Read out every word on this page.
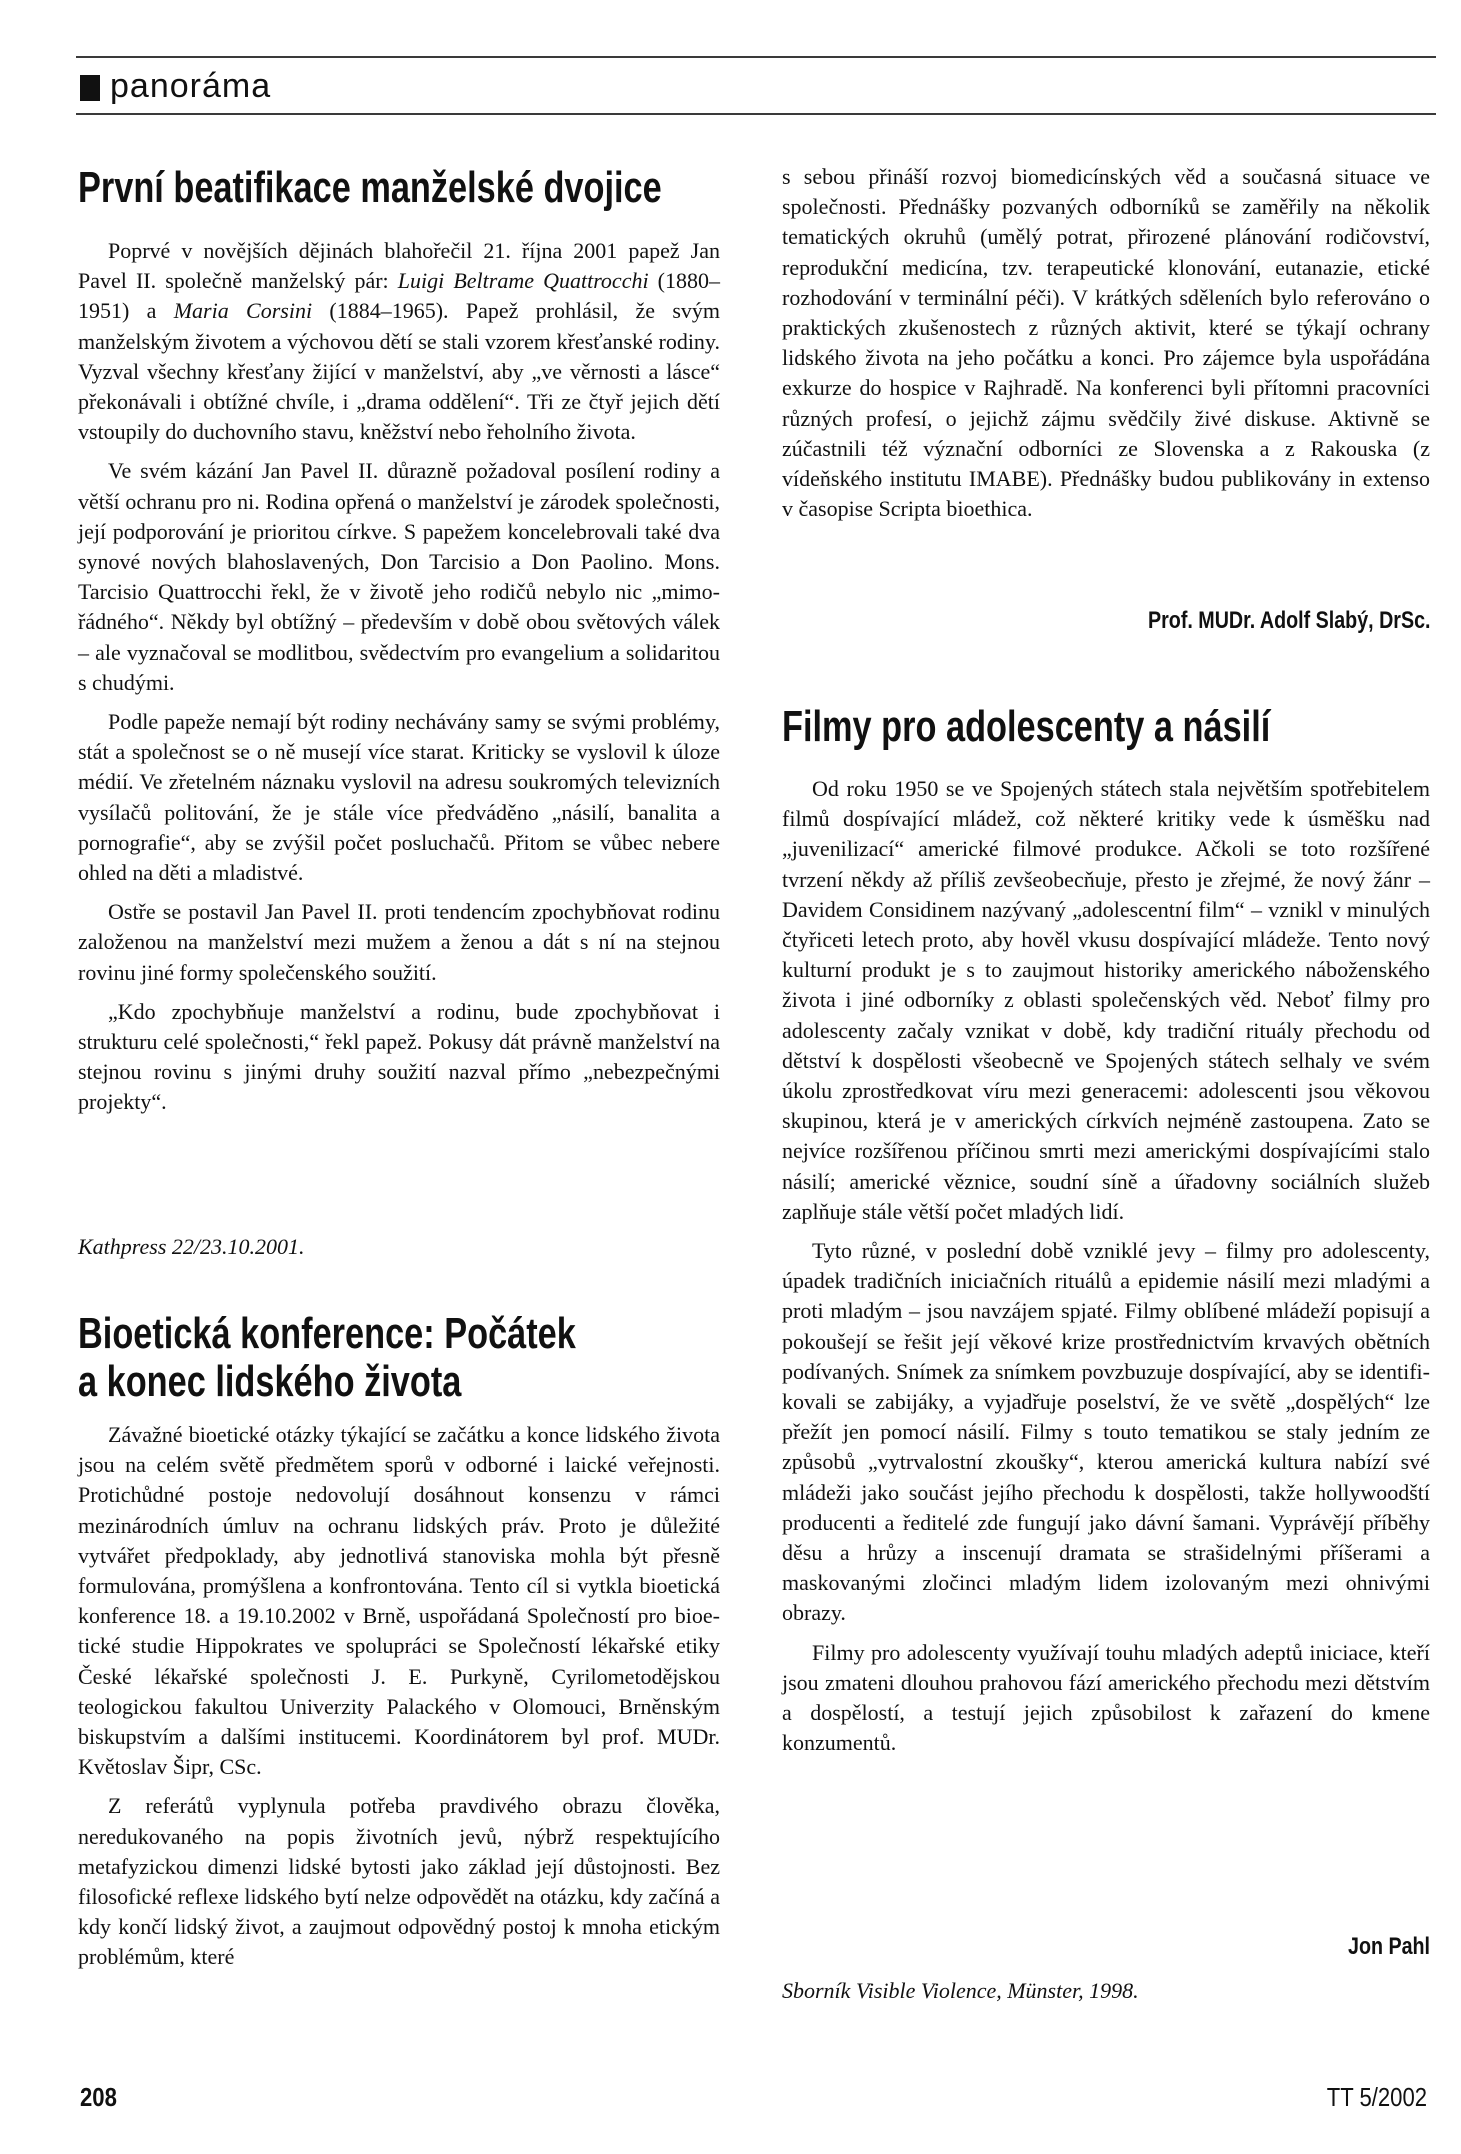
panoráma
První beatifikace manželské dvojice

Poprvé v novějších dějinách blahořečil 21. října 2001 papež Jan Pavel II. společně manželský pár: Luigi Beltrame Quattrocchi (1880–1951) a Maria Corsini (1884–1965). Papež prohlásil, že svým manželským životem a výchovou dětí se stali vzorem křesťanské rodiny. Vyzval všechny křesťany žijící v manželství, aby „ve věrnosti a lásce“ překonávali i obtížné chvíle, i „drama oddělení“. Tři ze čtyř jejich dětí vstoupily do duchovního stavu, kněžství nebo řeholního života.

Ve svém kázání Jan Pavel II. důrazně požadoval posílení rodiny a větší ochranu pro ni. Rodina opřená o manželství je zárodek společnosti, její podporování je prioritou církve. S papežem koncelebrovali také dva synové nových blahoslavených, Don Tarcisio a Don Paolino. Mons. Tarcisio Quattrocchi řekl, že v životě jeho rodičů nebylo nic „mimořádného“. Někdy byl obtížný – především v době obou světových válek – ale vyznačoval se modlitbou, svědectvím pro evangelium a solidaritou s chudými.

Podle papeže nemají být rodiny nechávány samy se svými problémy, stát a společnost se o ně musejí více starat. Kriticky se vyslovil k úloze médií. Ve zřetelném náznaku vyslovil na adresu soukromých televizních vysílačů politování, že je stále více předváděno „násilí, banalita a pornografie“, aby se zvýšil počet posluchačů. Přitom se vůbec nebere ohled na děti a mladistvé.

Ostře se postavil Jan Pavel II. proti tendencím zpochybňovat rodinu založenou na manželství mezi mužem a ženou a dát s ní na stejnou rovinu jiné formy společenského soužití.

„Kdo zpochybňuje manželství a rodinu, bude zpochybňovat i strukturu celé společnosti,“ řekl papež. Pokusy dát právně manželství na stejnou rovinu s jinými druhy soužití nazval přímo „nebezpečnými projekty“.

Kathpress 22/23.10.2001.
Bioetická konference: Počátek
a konec lidského života

Závažné bioetické otázky týkající se začátku a konce lidského života jsou na celém světě předmětem sporů v odborné i laické veřejnosti. Protichůdné postoje nedovolují dosáhnout konsenzu v rámci mezinárodních úmluv na ochranu lidských práv. Proto je důležité vytvářet předpoklady, aby jednotlivá stanoviska mohla být přesně formulována, promýšlena a konfrontována. Tento cíl si vytkla bioetická konference 18. a 19.10.2002 v Brně, uspořádaná Společností pro bioetické studie Hippokrates ve spolupráci se Společností lékařské etiky České lékařské společnosti J. E. Purkyně, Cyrilometodějskou teologickou fakultou Univerzity Palackého v Olomouci, Brněnským biskupstvím a dalšími institucemi. Koordinátorem byl prof. MUDr. Květoslav Šipr, CSc.

Z referátů vyplynula potřeba pravdivého obrazu člověka, neredukovaného na popis životních jevů, nýbrž respektujícího metafyzickou dimenzi lidské bytosti jako základ její důstojnosti. Bez filosofické reflexe lidského bytí nelze odpovědět na otázku, kdy začíná a kdy končí lidský život, a zaujmout odpovědný postoj k mnoha etickým problémům, které

s sebou přináší rozvoj biomedicínských věd a současná situace ve společnosti. Přednášky pozvaných odborníků se zaměřily na několik tematických okruhů (umělý potrat, přirozené plánování rodičovství, reprodukční medicína, tzv. terapeutické klonování, eutanazie, etické rozhodování v terminální péči). V krátkých sděleních bylo referováno o praktických zkušenostech z různých aktivit, které se týkají ochrany lidského života na jeho počátku a konci. Pro zájemce byla uspořádána exkurze do hospice v Rajhradě. Na konferenci byli přítomni pracovníci různých profesí, o jejichž zájmu svědčily živé diskuse. Aktivně se zúčastnili též význační odborníci ze Slovenska a z Rakouska (z vídeňského institutu IMABE). Přednášky budou publikovány in extenso v časopise Scripta bioethica.

Prof. MUDr. Adolf Slabý, DrSc.
Filmy pro adolescenty a násilí

Od roku 1950 se ve Spojených státech stala největším spotřebitelem filmů dospívající mládež, což některé kritiky vede k úsměšku nad „juvenilizací“ americké filmové produkce. Ačkoli se toto rozšířené tvrzení někdy až příliš zevšeobecňuje, přesto je zřejmé, že nový žánr – Davidem Considinem nazývaný „adolescentní film“ – vznikl v minulých čtyřiceti letech proto, aby hověl vkusu dospívající mládeže. Tento nový kulturní produkt je s to zaujmout historiky amerického náboženského života i jiné odborníky z oblasti společenských věd. Neboť filmy pro adolescenty začaly vznikat v době, kdy tradiční rituály přechodu od dětství k dospělosti všeobecně ve Spojených státech selhaly ve svém úkolu zprostředkovat víru mezi generacemi: adolescenti jsou věkovou skupinou, která je v amerických církvích nejméně zastoupena. Zato se nejvíce rozšířenou příčinou smrti mezi americkými dospívajícími stalo násilí; americké věznice, soudní síně a úřadovny sociálních služeb zaplňuje stále větší počet mladých lidí.

Tyto různé, v poslední době vzniklé jevy – filmy pro adolescenty, úpadek tradičních iniciačních rituálů a epidemie násilí mezi mladými a proti mladým – jsou navzájem spjaté. Filmy oblíbené mládeží popisují a pokoušejí se řešit její věkové krize prostřednictvím krvavých obětních podívaných. Snímek za snímkem povzbuzuje dospívající, aby se identifikovali se zabijáky, a vyjadřuje poselství, že ve světě „dospělých“ lze přežít jen pomocí násilí. Filmy s touto tematikou se staly jedním ze způsobů „vytrvalostní zkoušky“, kterou americká kultura nabízí své mládeži jako součást jejího přechodu k dospělosti, takže hollywoodští producenti a ředitelé zde fungují jako dávní šamani. Vyprávějí příběhy děsu a hrůzy a inscenují dramata se strašidelnými příšerami a maskovanými zločinci mladým lidem izolovaným mezi ohnivými obrazy.

Filmy pro adolescenty využívají touhu mladých adeptů iniciace, kteří jsou zmateni dlouhou prahovou fází amerického přechodu mezi dětstvím a dospělostí, a testují jejich způsobilost k zařazení do kmene konzumentů.

Jon Pahl
Sborník Visible Violence, Münster, 1998.
208	TT 5/2002
